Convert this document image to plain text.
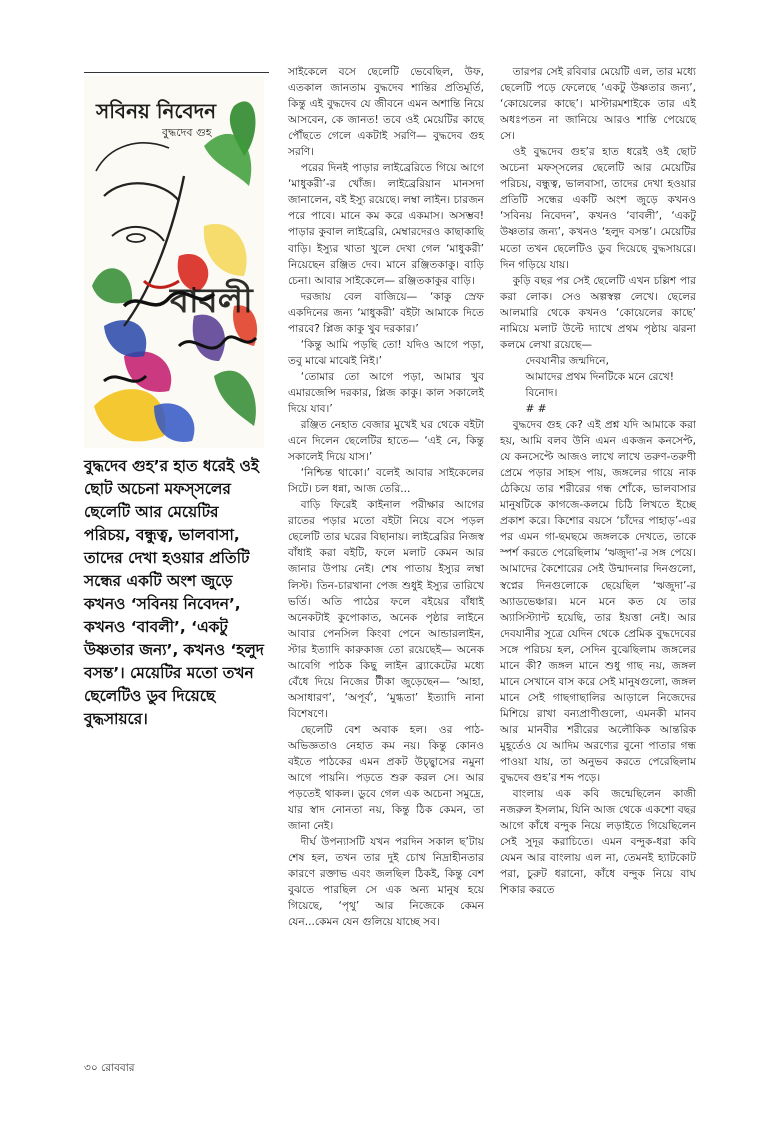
সবিনয় নিবেদন
বুদ্ধদেব গুহ
বাবলী

বুদ্ধদেব গুহ’র হাত ধরেই ওই ছোট অচেনা মফস্সলের ছেলেটি আর মেয়েটির পরিচয়, বন্ধুত্ব, ভালবাসা, তাদের দেখা হওয়ার প্রতিটি সন্ধের একটি অংশ জুড়ে কখনও ‘সবিনয় নিবেদন’, কখনও ‘বাবলী’, ‘একটু উষ্ণতার জন্য’, কখনও ‘হলুদ বসন্ত’। মেয়েটির মতো তখন ছেলেটিও ডুব দিয়েছে বুদ্ধসায়রে।

সাইকেলে বসে ছেলেটি ভেবেছিল, উফ, এতকাল জানতাম বুদ্ধদেব শান্তির প্রতিমূর্তি, কিন্তু এই বুদ্ধদেব যে জীবনে এমন অশান্তি নিয়ে আসবেন, কে জানত! তবে ওই মেয়েটির কাছে পৌঁছতে গেলে একটাই সরণি— বুদ্ধদেব গুহ সরণি।

পরের দিনই পাড়ার লাইব্রেরিতে গিয়ে আগে ‘মাধুকরী’-র খোঁজ। লাইব্রেরিয়ান মানসদা জানালেন, বই ইস্যু রয়েছে। লম্বা লাইন। চারজন পরে পাবে। মানে কম করে একমাস। অসম্ভব! পাড়ার কুবাল লাইব্রেরি, মেম্বারদেরও কাছাকাছি বাড়ি। ইস্যুর খাতা খুলে দেখা গেল ‘মাধুকরী’ নিয়েছেন রঞ্জিত দেব। মানে রঞ্জিতকাকু। বাড়ি চেনা। আবার সাইকেলে— রঞ্জিতকাকুর বাড়ি।

দরজায় বেল বাজিয়ে— ‘কাকু স্রেফ একদিনের জন্য ‘মাধুকরী’ বইটা আমাকে দিতে পারবে? প্লিজ কাকু খুব দরকার।’

‘কিন্তু আমি পড়ছি তো! যদিও আগে পড়া, তবু মাঝে মাঝেই নিই।’

‘তোমার তো আগে পড়া, আমার খুব এমারজেন্সি দরকার, প্লিজ কাকু। কাল সকালেই দিয়ে যাব।’

রঞ্জিত নেহাত বেজার মুখেই ঘর থেকে বইটা এনে দিলেন ছেলেটির হাতে— ‘এই নে, কিন্তু সকালেই দিয়ে যাস।’

‘নিশ্চিন্ত থাকো।’ বলেই আবার সাইকেলের সিটে। চল ধন্না, আজ তেরি...

বাড়ি ফিরেই কাইনাল পরীক্ষার আগের রাতের পড়ার মতো বইটা নিয়ে বসে পড়ল ছেলেটি তার ঘরের বিছানায়। লাইব্রেরির নিজস্ব বাঁধাই করা বইটি, ফলে মলাট কেমন আর জানার উপায় নেই। শেষ পাতায় ইস্যুর লম্বা লিস্ট। তিন-চারখানা পেজ শুধুই ইস্যুর তারিখে ভর্তি। অতি পাঠের ফলে বইয়ের বাঁধাই অনেকটাই কুপোকাত, অনেক পৃষ্ঠার লাইনে আবার পেনসিল কিংবা পেনে আন্ডারলাইন, স্টার ইত্যাদি কারুকাজ তো রয়েছেই— অনেক আবেগি পাঠক কিছু লাইন ব্র্যাকেটের মধ্যে বেঁধে দিয়ে নিজের টীকা জুড়েছেন— ‘আহা, অসাধারণ’, ‘অপূর্ব’, ‘মুগ্ধতা’ ইত্যাদি নানা বিশেষণে।

ছেলেটি বেশ অবাক হল। ওর পাঠ-অভিজ্ঞতাও নেহাত কম নয়। কিন্তু কোনও বইতে পাঠকের এমন প্রকট উচ্ছ্বাসের নমুনা আগে পায়নি। পড়তে শুরু করল সে। আর পড়তেই থাকল। ডুবে গেল এক অচেনা সমুদ্রে, যার স্বাদ নোনতা নয়, কিন্তু ঠিক কেমন, তা জানা নেই।

দীর্ঘ উপন্যাসটি যখন পরদিন সকাল ছ’টায় শেষ হল, তখন তার দুই চোখ নিদ্রাহীনতার কারণে রক্তাভ এবং জলছিল ঠিকই, কিন্তু বেশ বুঝতে পারছিল সে এক অন্য মানুষ হয়ে গিয়েছে, ‘পৃথু’ আর নিজেকে কেমন যেন...কেমন যেন গুলিয়ে যাচ্ছে সব।

তারপর সেই রবিবার মেয়েটি এল, তার মধ্যে ছেলেটি পড়ে ফেলেছে ‘একটু উষ্ণতার জন্য’, ‘কোয়েলের কাছে’। মাস্টারমশাইকে তার এই অধঃপতন না জানিয়ে আরও শান্তি পেয়েছে সে।

ওই বুদ্ধদেব গুহ’র হাত ধরেই ওই ছোট অচেনা মফস্সলের ছেলেটি আর মেয়েটির পরিচয়, বন্ধুত্ব, ভালবাসা, তাদের দেখা হওয়ার প্রতিটি সন্ধের একটি অংশ জুড়ে কখনও ‘সবিনয় নিবেদন’, কখনও ‘বাবলী’, ‘একটু উষ্ণতার জন্য’, কখনও ‘হলুদ বসন্ত’। মেয়েটির মতো তখন ছেলেটিও ডুব দিয়েছে বুদ্ধসায়রে। দিন গড়িয়ে যায়।

কুড়ি বছর পর সেই ছেলেটি এখন চল্লিশ পার করা লোক। সেও অল্পস্বল্প লেখে। ছেলের আলমারি থেকে কখনও ‘কোয়েলের কাছে’ নামিয়ে মলাট উল্টে দ্যাখে প্রথম পৃষ্ঠায় ঝরনা কলমে লেখা রয়েছে—

দেবযানীর জন্মদিনে,

আমাদের প্রথম দিনটিকে মনে রেখে!

বিনোদ।

# #

বুদ্ধদেব গুহ কে? এই প্রশ্ন যদি আমাকে করা হয়, আমি বলব উনি এমন একজন কনসেপ্ট, যে কনসেপ্টে আজও লাখে লাখে তরুণ-তরুণী প্রেমে পড়ার সাহস পায়, জঙ্গলের গায়ে নাক ঠেকিয়ে তার শরীরের গন্ধ শোঁকে, ভালবাসার মানুষটিকে কাগজে-কলমে চিঠি লিখতে ইচ্ছে প্রকাশ করে। কিশোর বয়সে ‘চাঁদের পাহাড়’-এর পর এমন গা-ছমছমে জঙ্গলকে দেখতে, তাকে স্পর্শ করতে পেরেছিলাম ‘ঋজুদা’-র সঙ্গ পেয়ে। আমাদের কৈশোরের সেই উন্মাদনার দিনগুলো, স্বপ্নের দিনগুলোকে ছেয়েছিল ‘ঋজুদা’-র অ্যাডভেঞ্চার। মনে মনে কত যে তার অ্যাসিস্ট্যান্ট হয়েছি, তার ইয়ত্তা নেই। আর দেবযানীর সূত্রে যেদিন থেকে প্রেমিক বুদ্ধদেবের সঙ্গে পরিচয় হল, সেদিন বুঝেছিলাম জঙ্গলের মানে কী? জঙ্গল মানে শুধু গাছ নয়, জঙ্গল মানে সেখানে বাস করে সেই মানুষগুলো, জঙ্গল মানে সেই গাছগাছালির আড়ালে নিজেদের মিশিয়ে রাখা বন্যপ্রাণীগুলো, এমনকী মানব আর মানবীর শরীরের অলৌকিক আন্তরিক মুহূর্তেও যে আদিম অরণ্যের বুনো পাতার গন্ধ পাওয়া যায়, তা অনুভব করতে পেরেছিলাম বুদ্ধদেব গুহ’র শব্দ পড়ে।

বাংলায় এক কবি জন্মেছিলেন কাজী নজরুল ইসলাম, যিনি আজ থেকে একশো বছর আগে কাঁধে বন্দুক নিয়ে লড়াইতে গিয়েছিলেন সেই সুদূর করাচিতে। এমন বন্দুক-ধরা কবি যেমন আর বাংলায় এল না, তেমনই হ্যাটকোট পরা, চুরুট ধরানো, কাঁধে বন্দুক নিয়ে বাঘ শিকার করতে

৩০ রোববার
